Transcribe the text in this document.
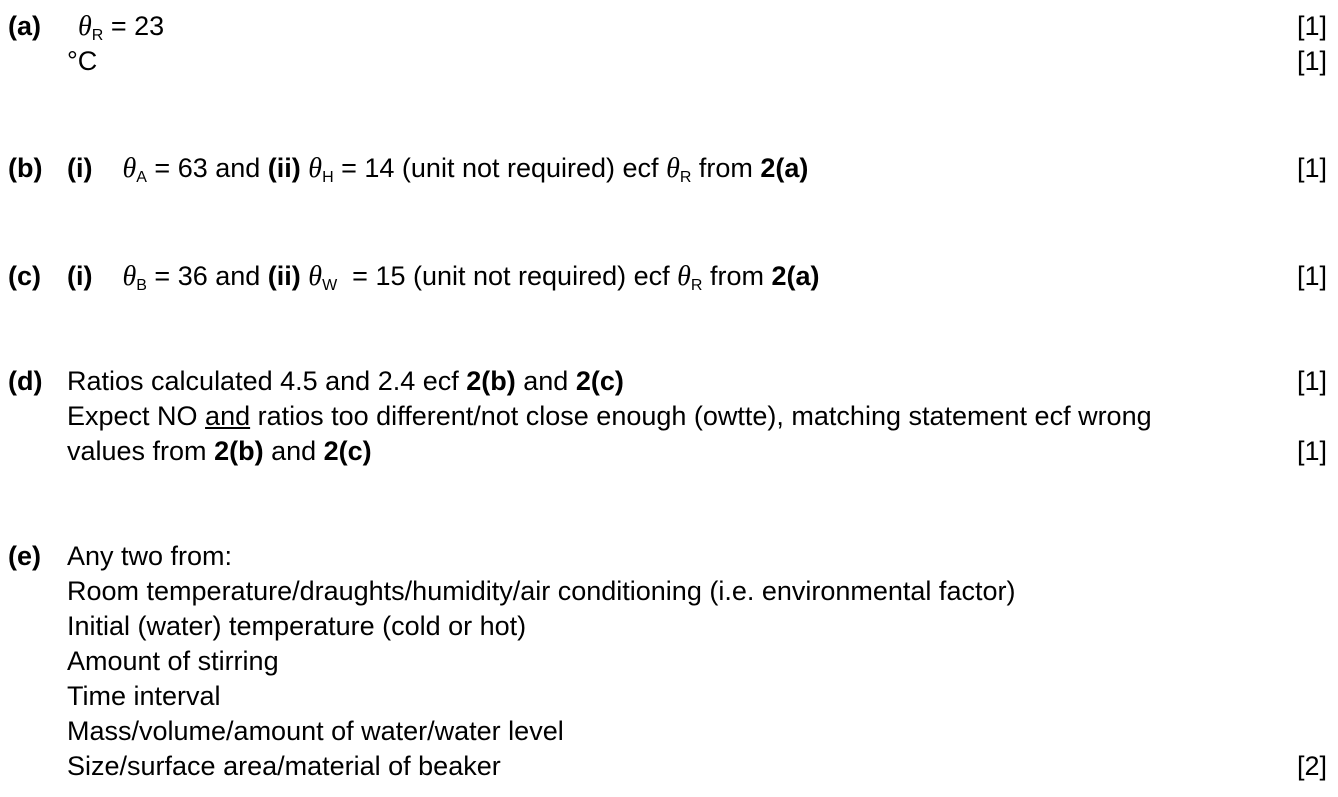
(a) $\theta_R = 23$	[1]
°C	[1]
(b) (i) $\theta_A = 63$ and (ii) $\theta_H = 14$ (unit not required) ecf $\theta_R$ from 2(a)	[1]
(c) (i) $\theta_B = 36$ and (ii) $\theta_W = 15$ (unit not required) ecf $\theta_R$ from 2(a)	[1]
(d) Ratios calculated 4.5 and 2.4 ecf 2(b) and 2(c)	[1]
Expect NO and ratios too different/not close enough (owtte), matching statement ecf wrong
values from 2(b) and 2(c)	[1]
(e) Any two from:
Room temperature/draughts/humidity/air conditioning (i.e. environmental factor)
Initial (water) temperature (cold or hot)
Amount of stirring
Time interval
Mass/volume/amount of water/water level
Size/surface area/material of beaker	[2]
